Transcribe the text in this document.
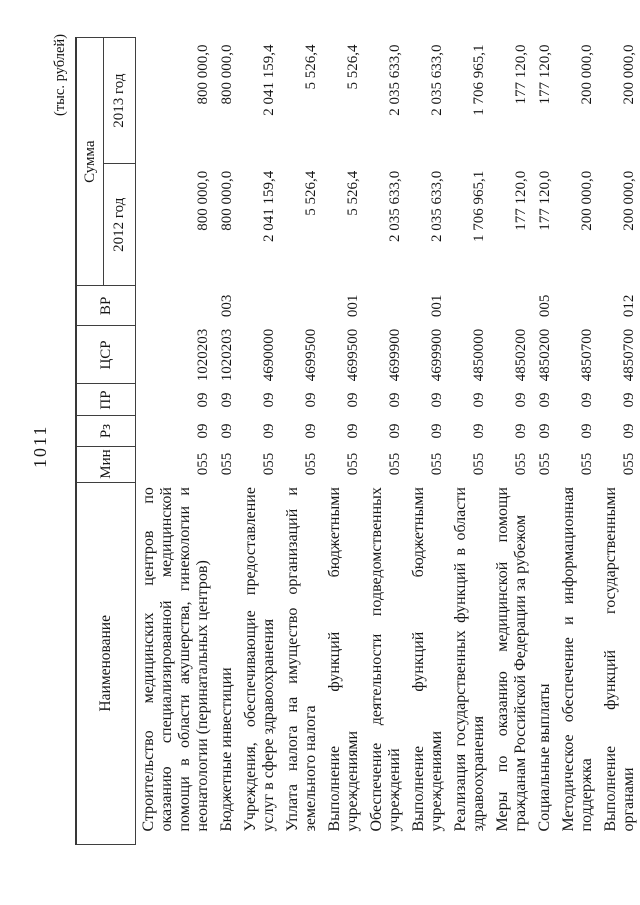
1011
(тыс. рублей)
Наименование	Мин	Рз	ПР	ЦСР	ВР	Сумма	
						2012 год	2013 год
Строительство медицинских центров по оказанию специализированной медицинской помощи в области акушерства, гинекологии и неонатологии (перинатальных центров)	055	09	09	1020203		800 000,0	800 000,0
Бюджетные инвестиции	055	09	09	1020203	003	800 000,0	800 000,0
Учреждения, обеспечивающие предоставление услуг в сфере здравоохранения	055	09	09	4690000		2 041 159,4	2 041 159,4
Уплата налога на имущество организаций и земельного налога	055	09	09	4699500		5 526,4	5 526,4
Выполнение функций бюджетными учреждениями	055	09	09	4699500	001	5 526,4	5 526,4
Обеспечение деятельности подведомственных учреждений	055	09	09	4699900		2 035 633,0	2 035 633,0
Выполнение функций бюджетными учреждениями	055	09	09	4699900	001	2 035 633,0	2 035 633,0
Реализация государственных функций в области здравоохранения	055	09	09	4850000		1 706 965,1	1 706 965,1
Меры по оказанию медицинской помощи гражданам Российской Федерации за рубежом	055	09	09	4850200		177 120,0	177 120,0
Социальные выплаты	055	09	09	4850200	005	177 120,0	177 120,0
Методическое обеспечение и информационная поддержка	055	09	09	4850700		200 000,0	200 000,0
Выполнение функций государственными органами	055	09	09	4850700	012	200 000,0	200 000,0
